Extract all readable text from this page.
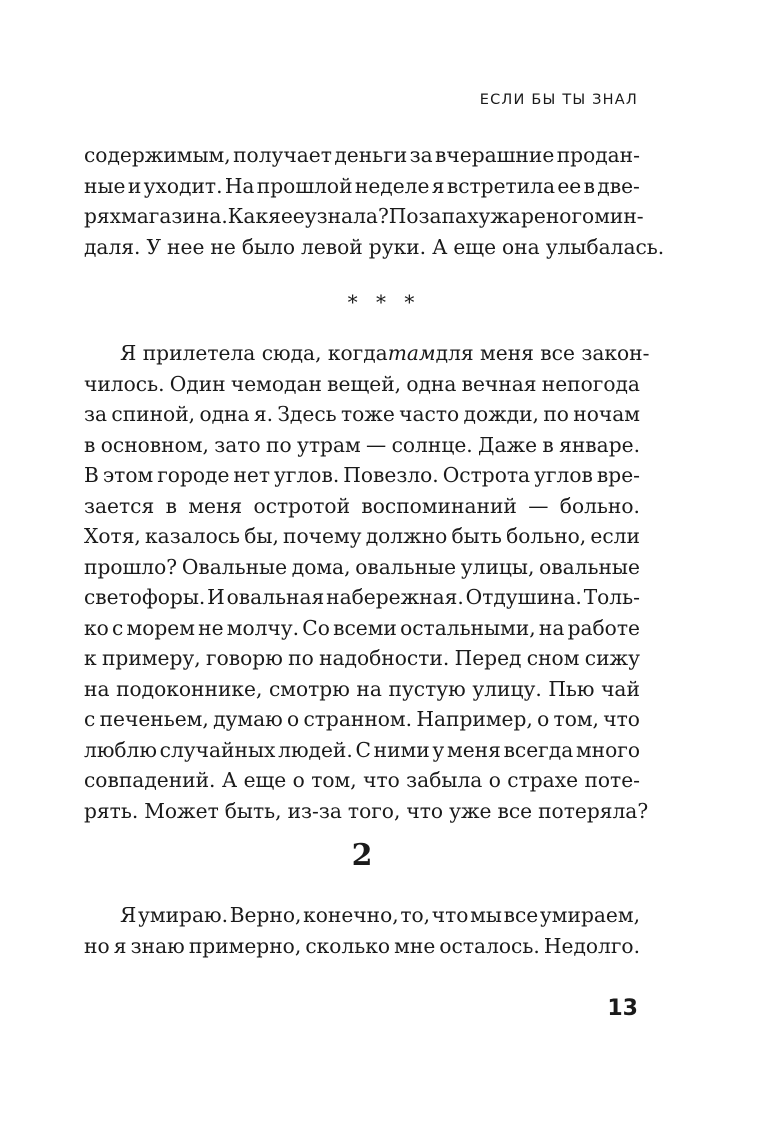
ЕСЛИ БЫ ТЫ ЗНАЛ
содержимым, получает деньги за вчерашние продан-
ные и уходит. На прошлой неделе я встретила ее в две-
рях магазина. Как я ее узнала? По запаху жареного мин-
даля. У нее не было левой руки. А еще она улыбалась.
* * *
Я прилетела сюда, когда там для меня все закон-
чилось. Один чемодан вещей, одна вечная непогода
за спиной, одна я. Здесь тоже часто дожди, по ночам
в основном, зато по утрам — солнце. Даже в январе.
В этом городе нет углов. Повезло. Острота углов вре-
зается в меня остротой воспоминаний — больно.
Хотя, казалось бы, почему должно быть больно, если
прошло? Овальные дома, овальные улицы, овальные
светофоры. И овальная набережная. Отдушина. Толь-
ко с морем не молчу. Со всеми остальными, на работе
к примеру, говорю по надобности. Перед сном сижу
на подоконнике, смотрю на пустую улицу. Пью чай
с печеньем, думаю о странном. Например, о том, что
люблю случайных людей. С ними у меня всегда много
совпадений. А еще о том, что забыла о страхе поте-
рять. Может быть, из-за того, что уже все потеряла?
2
Я умираю. Верно, конечно, то, что мы все умираем,
но я знаю примерно, сколько мне осталось. Недолго.
13
